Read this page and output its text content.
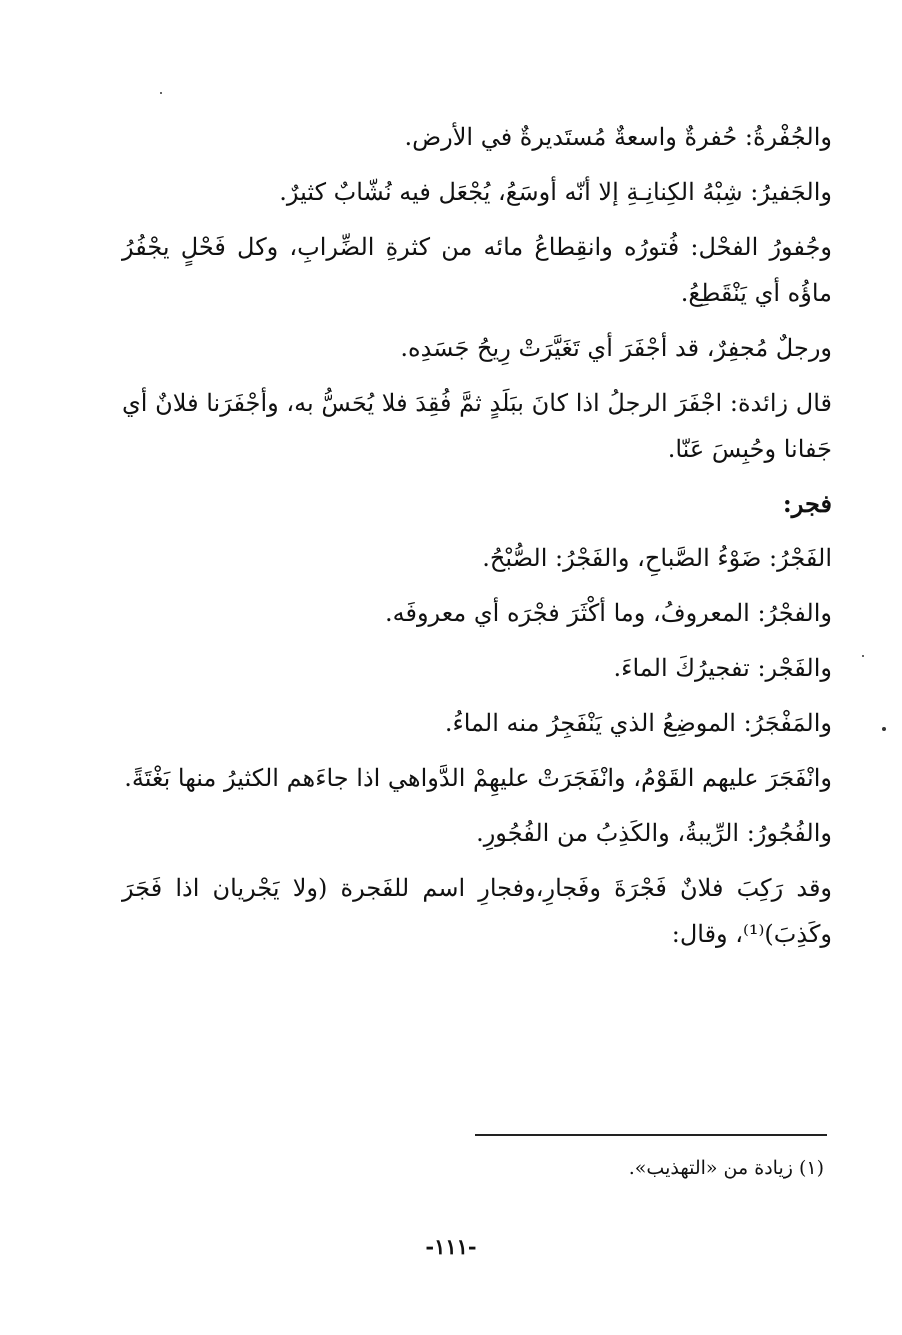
والجُفْرةُ: حُفرةٌ واسعةٌ مُستَديرةٌ في الأرض.

والجَفيرُ: شِبْهُ الكِنانِـةِ إلا أنّه أوسَعُ، يُجْعَل فيه نُشّابٌ كثيرٌ.

وجُفورُ الفحْل: فُتورُه وانقِطاعُ مائه من كثرةِ الضِّرابِ، وكل فَحْلٍ يجْفُرُ ماؤُه أي يَنْقَطِعُ.

ورجلٌ مُجفِرٌ، قد أجْفَرَ أي تَغَيَّرَتْ رِيحُ جَسَدِه.

قال زائدة: اجْفَرَ الرجلُ اذا كانَ ببَلَدٍ ثمَّ فُقِدَ فلا يُحَسُّ به، وأجْفَرَنا فلانٌ أي جَفانا وحُبِسَ عَنّا.

فجر:

الفَجْرُ: ضَوْءُ الصَّباحِ، والفَجْرُ: الصُّبْحُ.

والفجْرُ: المعروفُ، وما أكْثَرَ فجْرَه أي معروفَه.

والفَجْر: تفجيرُكَ الماءَ.

والمَفْجَرُ: الموضِعُ الذي يَنْفَجِرُ منه الماءُ.

وانْفَجَرَ عليهم القَوْمُ، وانْفَجَرَتْ عليهِمْ الدَّواهي اذا جاءَهم الكثيرُ منها بَغْتَةً.

والفُجُورُ: الرِّيبةُ، والكَذِبُ من الفُجُورِ.

وقد رَكِبَ فلانٌ فَجْرَةَ وفَجارِ،وفجارِ اسم للفَجرة (ولا يَجْريان اذا فَجَرَ وكَذِبَ)⁽¹⁾، وقال:

(١) زيادة من «التهذيب».
-١١١-
